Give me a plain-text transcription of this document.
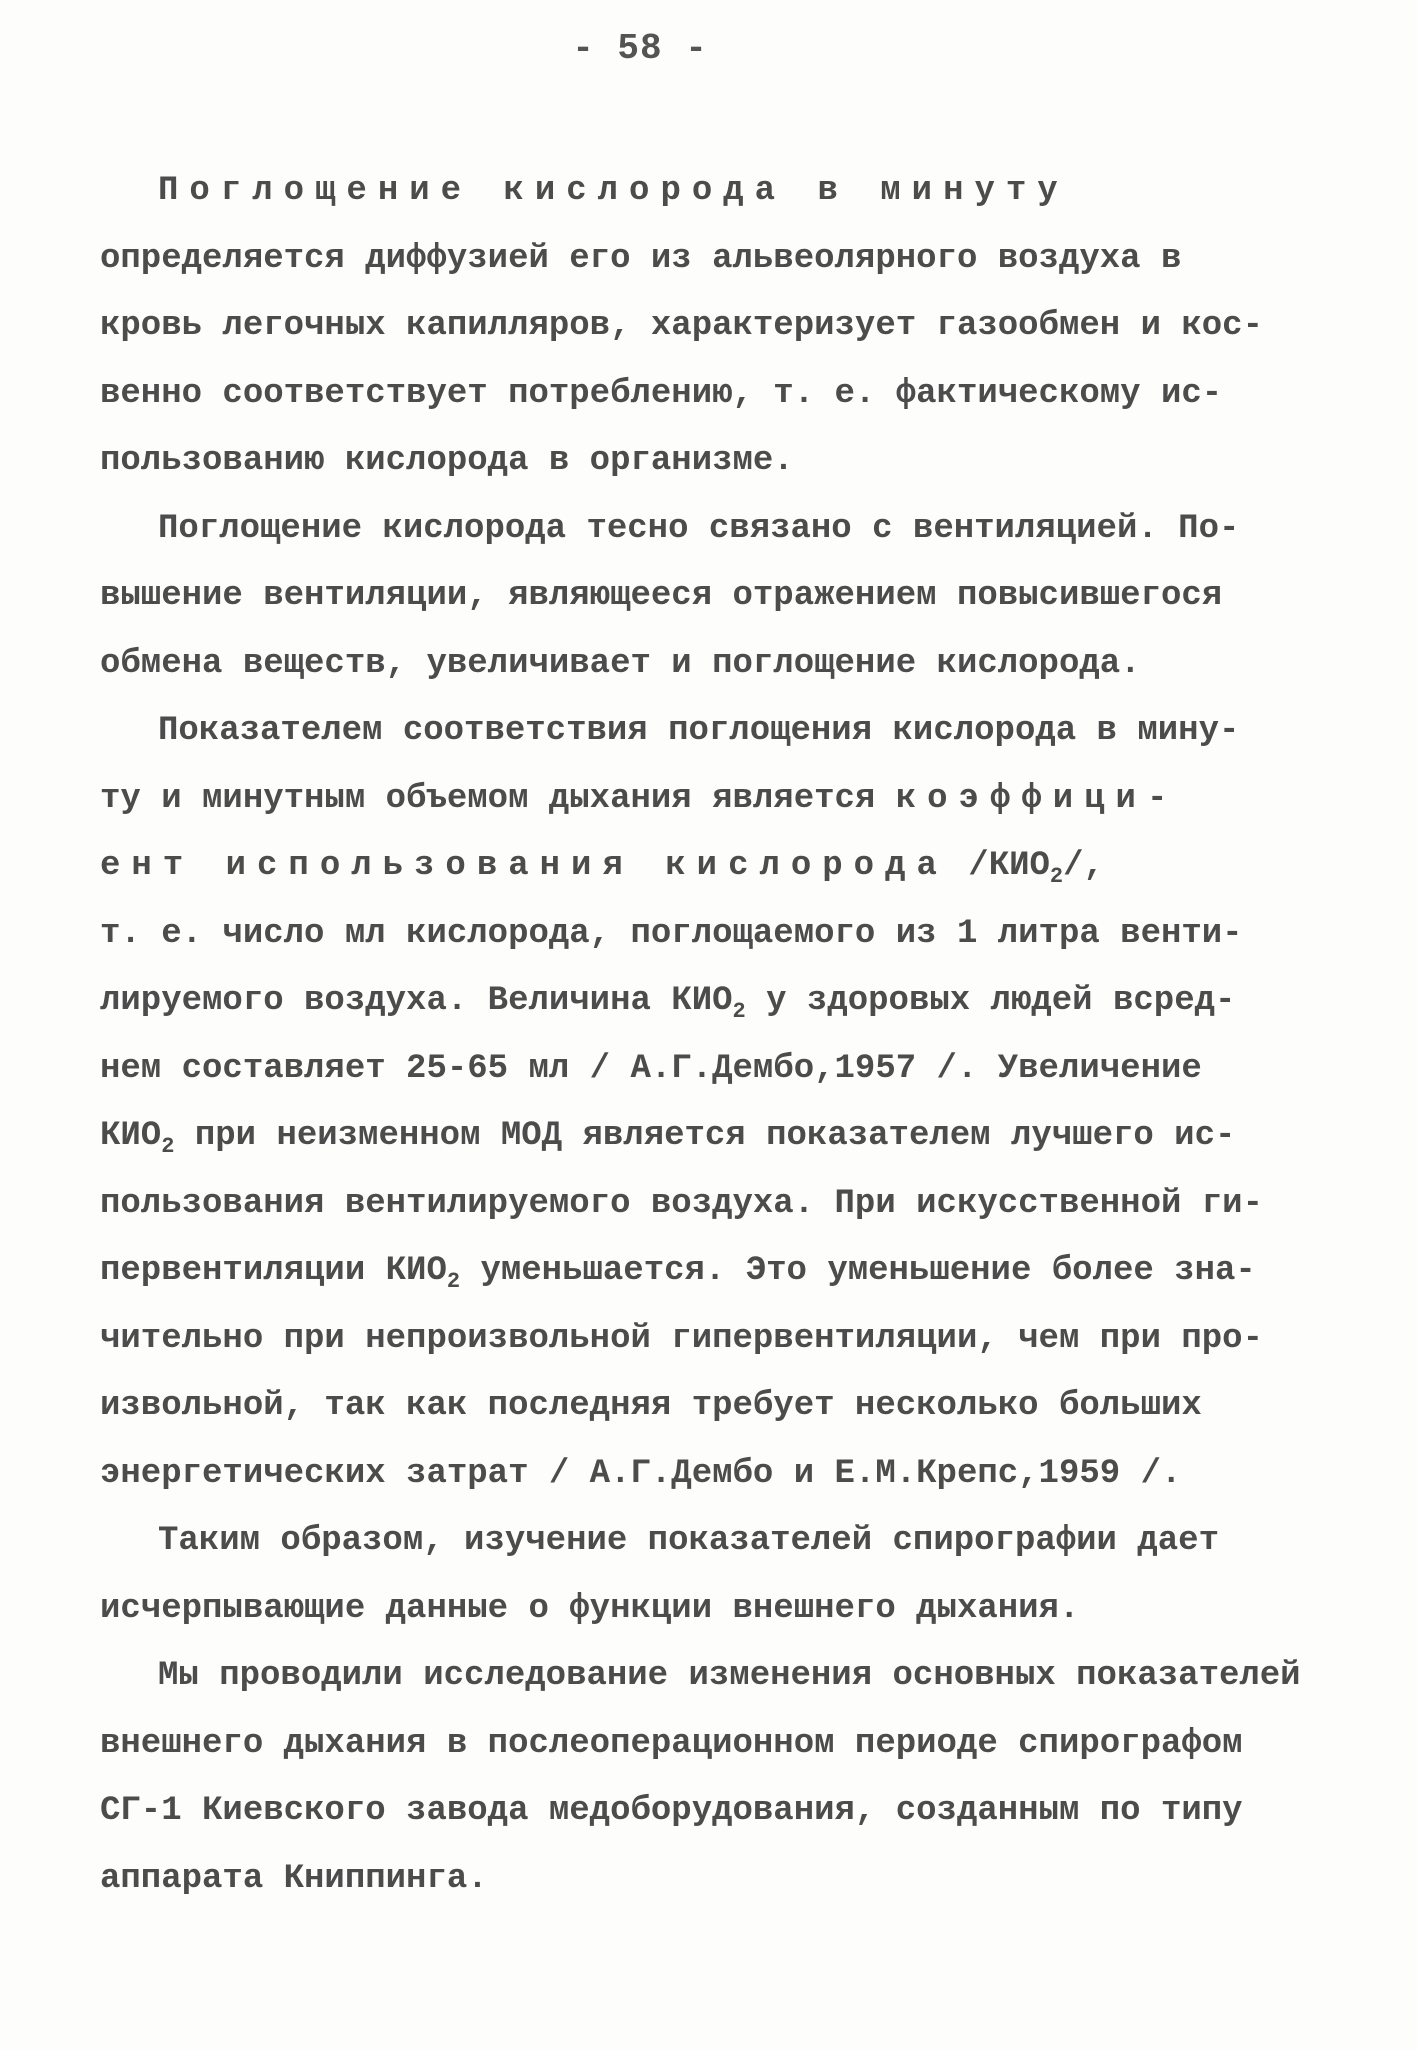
- 58 -
Поглощение кислорода в минуту
определяется диффузией его из альвеолярного воздуха в
кровь легочных капилляров, характеризует газообмен и кос-
венно соответствует потреблению, т. е. фактическому ис-
пользованию кислорода в организме.
Поглощение кислорода тесно связано с вентиляцией. По-
вышение вентиляции, являющееся отражением повысившегося
обмена веществ, увеличивает и поглощение кислорода.
Показателем соответствия поглощения кислорода в мину-
ту и минутным объемом дыхания является коэффици-
ент использования кислорода $/КИО_2/$,
т. е. число мл кислорода, поглощаемого из 1 литра венти-
лируемого воздуха. Величина $КИО_2$ у здоровых людей всред-
нем составляет 25-65 мл / А.Г.Дембо,1957 /. Увеличение
$КИО_2$ при неизменном МОД является показателем лучшего ис-
пользования вентилируемого воздуха. При искусственной ги-
первентиляции $КИО_2$ уменьшается. Это уменьшение более зна-
чительно при непроизвольной гипервентиляции, чем при про-
извольной, так как последняя требует несколько больших
энергетических затрат / А.Г.Дембо и Е.М.Крепс,1959 /.
Таким образом, изучение показателей спирографии дает
исчерпывающие данные о функции внешнего дыхания.
Мы проводили исследование изменения основных показателей
внешнего дыхания в послеоперационном периоде спирографом
СГ-1 Киевского завода медоборудования, созданным по типу
аппарата Книппинга.
